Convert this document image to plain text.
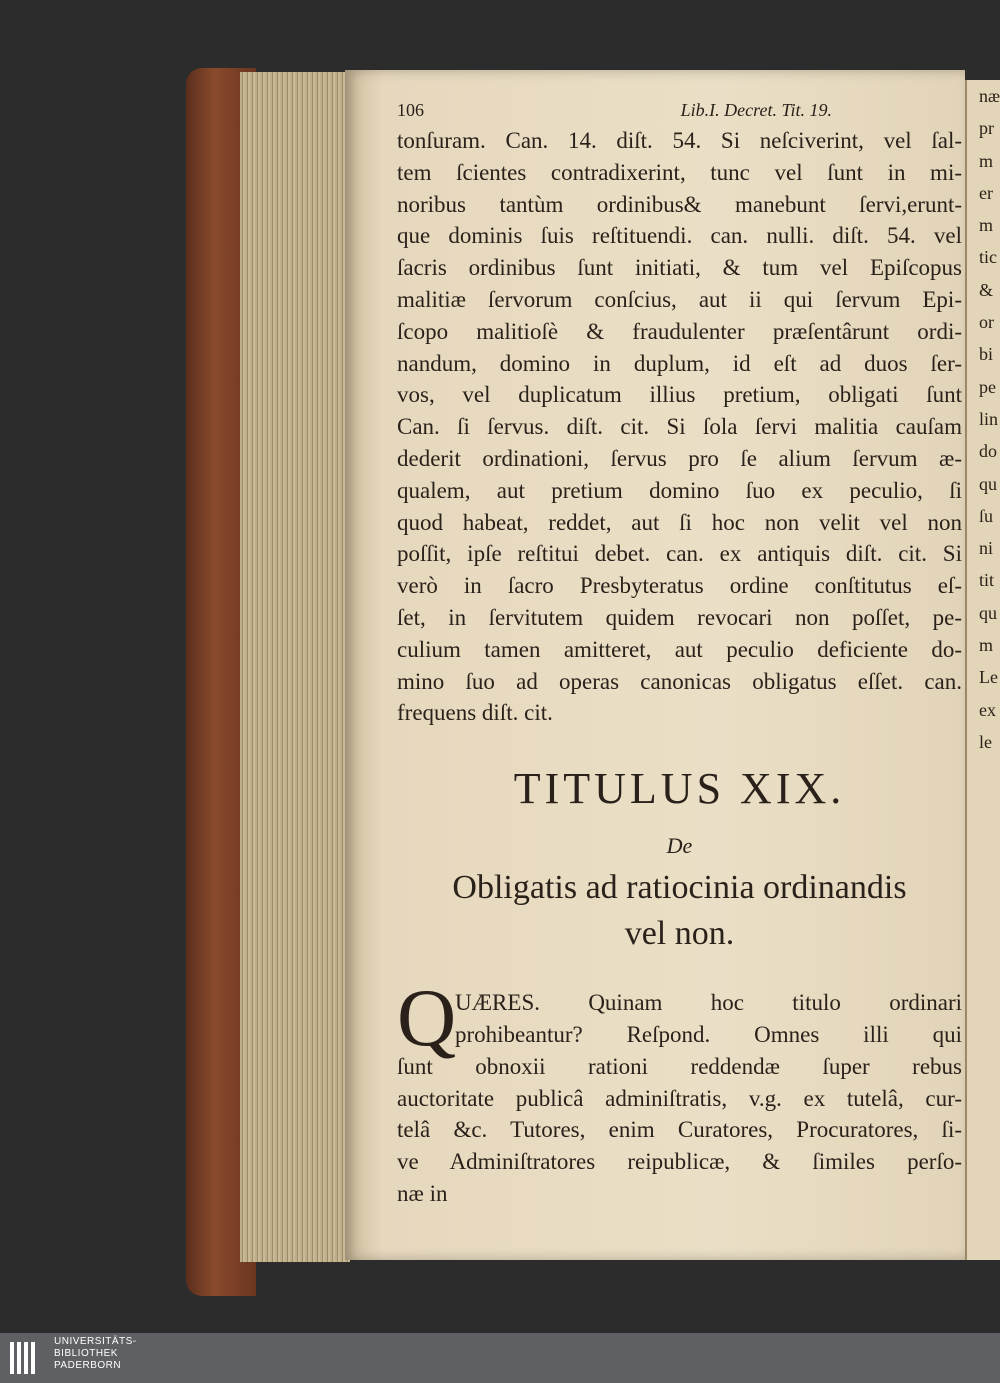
næ
pr
m
er
m
tic
&
or
bi
pe
lin
do
qu
ſu
ni
tit
qu
m
Le
ex
le
106	Lib.I. Decret. Tit. 19.
tonſuram. Can. 14. diſt. 54. Si neſciverint, vel ſal-
tem ſcientes contradixerint, tunc vel ſunt in mi-
noribus tantùm ordinibus& manebunt ſervi,erunt-
que dominis ſuis reſtituendi. can. nulli. diſt. 54. vel
ſacris ordinibus ſunt initiati, & tum vel Epiſcopus
malitiæ ſervorum conſcius, aut ii qui ſervum Epi-
ſcopo malitioſè & fraudulenter præſentârunt ordi-
nandum, domino in duplum, id eſt ad duos ſer-
vos, vel duplicatum illius pretium, obligati ſunt
Can. ſi ſervus. diſt. cit. Si ſola ſervi malitia cauſam
dederit ordinationi, ſervus pro ſe alium ſervum æ-
qualem, aut pretium domino ſuo ex peculio, ſi
quod habeat, reddet, aut ſi hoc non velit vel non
poſſit, ipſe reſtitui debet. can. ex antiquis diſt. cit. Si
verò in ſacro Presbyteratus ordine conſtitutus eſ-
ſet, in ſervitutem quidem revocari non poſſet, pe-
culium tamen amitteret, aut peculio deficiente do-
mino ſuo ad operas canonicas obligatus eſſet. can.
frequens diſt. cit.
TITULUS XIX.
De
Obligatis ad ratiocinia ordinandis
vel non.
Q
UÆRES. Quinam hoc titulo ordinari
prohibeantur? Reſpond. Omnes illi qui
ſunt obnoxii rationi reddendæ ſuper rebus
auctoritate publicâ adminiſtratis, v.g. ex tutelâ, cur-
telâ &c. Tutores, enim Curatores, Procuratores, ſi-
ve Adminiſtratores reipublicæ, & ſimiles perſo-
næ in
UNIVERSITÄTS-
BIBLIOTHEK
PADERBORN
